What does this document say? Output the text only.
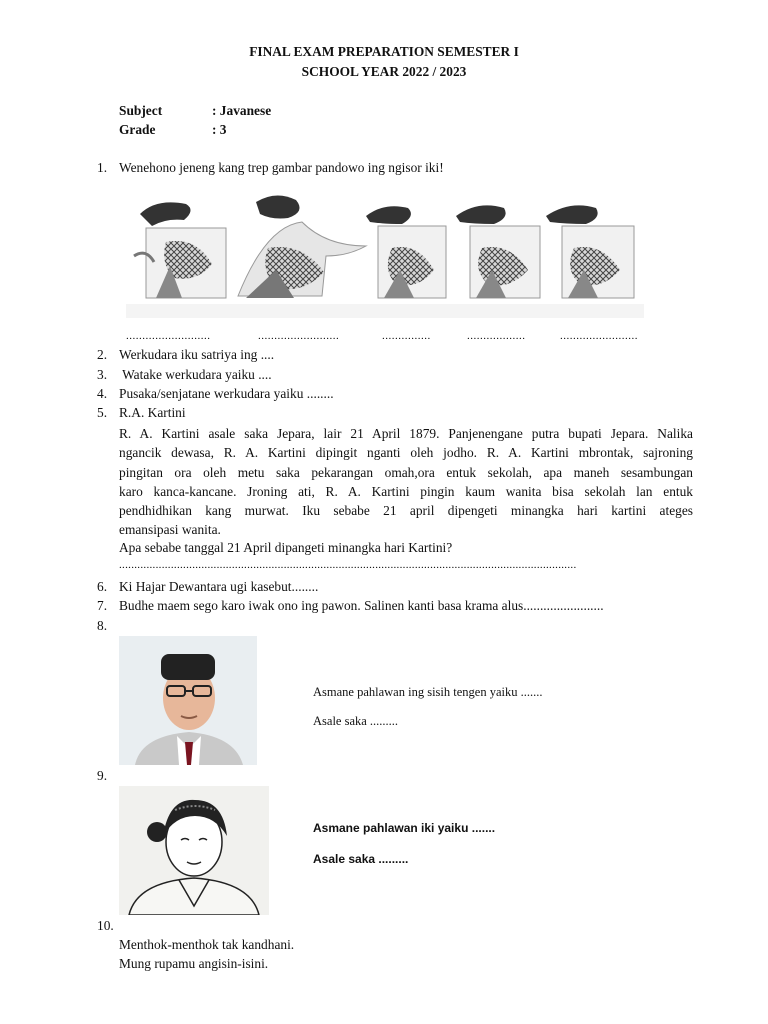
FINAL EXAM PREPARATION SEMESTER I
SCHOOL YEAR 2022 / 2023
Subject	: Javanese
Grade	: 3
1. Wenehono jeneng kang trep gambar pandowo ing ngisor iki!
..........................	.........................	...............	..................	........................
2. Werkudara iku satriya ing ....
3. Watake werkudara yaiku ....
4. Pusaka/senjatane werkudara yaiku ........
5. R.A. Kartini

R. A. Kartini asale saka Jepara, lair 21 April 1879. Panjenengane putra bupati Jepara. Nalika

ngancik dewasa, R. A. Kartini dipingit nganti oleh jodho. R. A. Kartini mbrontak, sajroning

pingitan ora oleh metu saka pekarangan omah,ora entuk sekolah, apa maneh sesambungan

karo kanca-kancane. Jroning ati, R. A. Kartini pingin kaum wanita bisa sekolah lan entuk

pendhidhikan kang murwat. Iku sebabe 21 april dipengeti minangka hari kartini ateges

emansipasi wanita.

Apa sebabe tanggal 21 April dipangeti minangka hari Kartini?
......................................................................................................................................................
6. Ki Hajar Dewantara ugi kasebut........
7. Budhe maem sego karo iwak ono ing pawon. Salinen kanti basa krama alus........................
8.
Asmane pahlawan ing sisih tengen yaiku .......
Asale saka .........
9.
Asmane pahlawan iki yaiku .......
Asale saka .........
10.
Menthok-menthok tak kandhani.
Mung rupamu angisin-isini.
